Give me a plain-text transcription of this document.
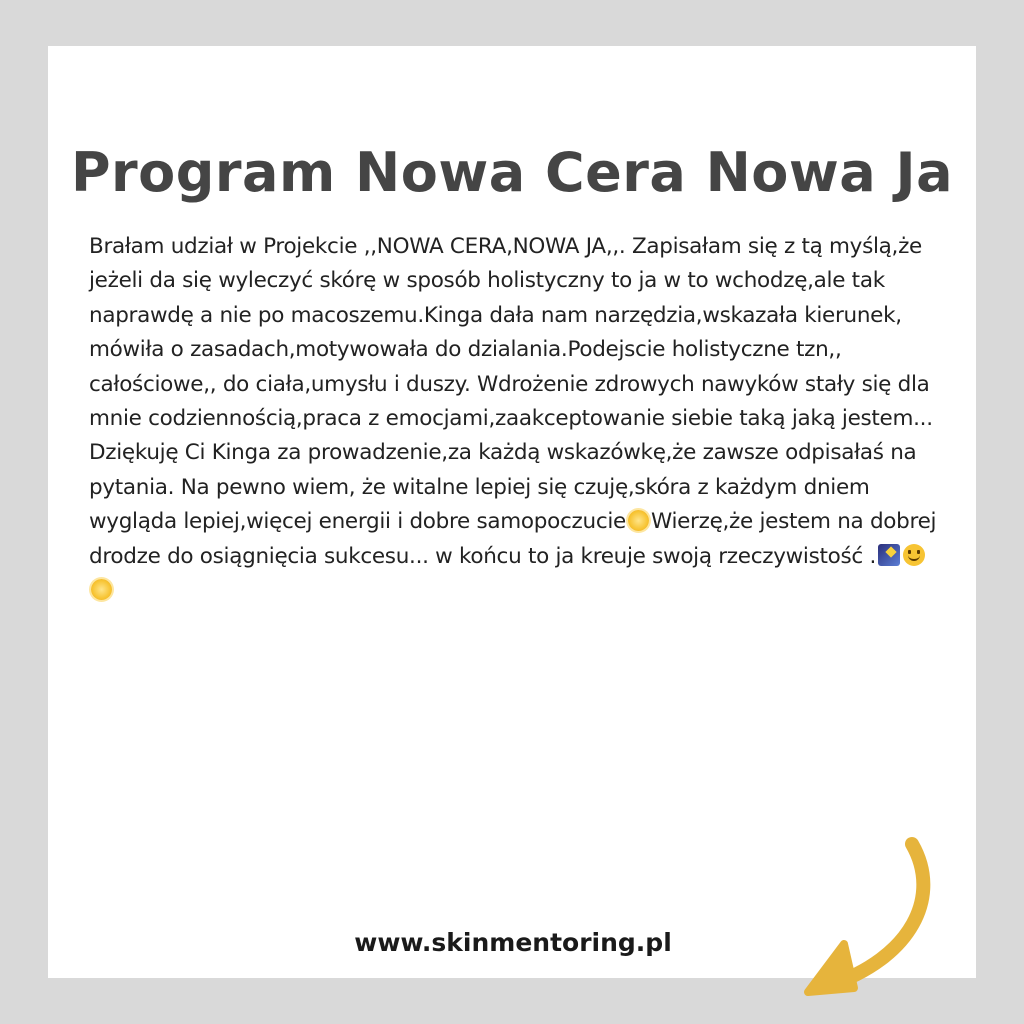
Program Nowa Cera Nowa Ja

Brałam udział w Projekcie ,,NOWA CERA,NOWA JA,,. Zapisałam się z tą myślą,że jeżeli da się wyleczyć skórę w sposób holistyczny to ja w to wchodzę,ale tak naprawdę a nie po macoszemu.Kinga dała nam narzędzia,wskazała kierunek, mówiła o zasadach,motywowała do dzialania.Podejscie holistyczne tzn,, całościowe,, do ciała,umysłu i duszy. Wdrożenie zdrowych nawyków stały się dla mnie codziennością,praca z emocjami,zaakceptowanie siebie taką jaką jestem... Dziękuję Ci Kinga za prowadzenie,za każdą wskazówkę,że zawsze odpisałaś na pytania. Na pewno wiem, że witalne lepiej się czuję,skóra z każdym dniem wygląda lepiej,więcej energii i dobre samopoczucie Wierzę,że jestem na dobrej drodze do osiągnięcia sukcesu... w końcu to ja kreuje swoją rzeczywistość .

www.skinmentoring.pl
